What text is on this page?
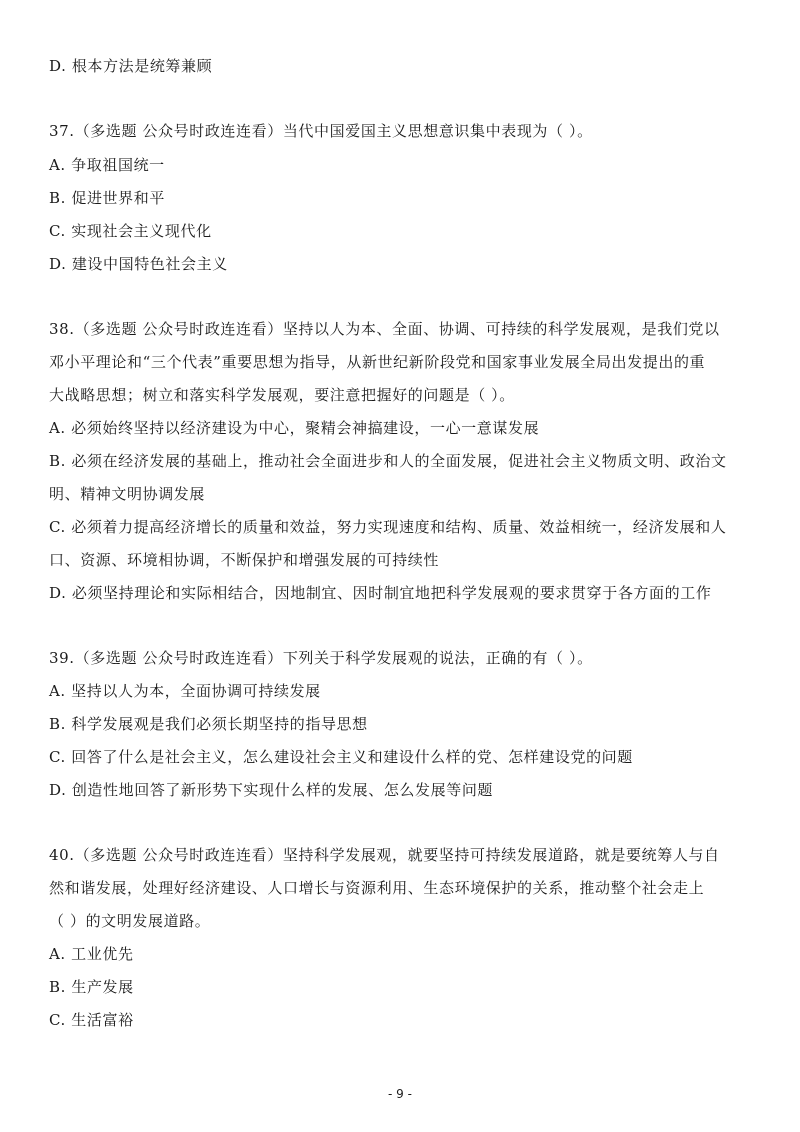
D. 根本方法是统筹兼顾

37.（多选题 公众号时政连连看）当代中国爱国主义思想意识集中表现为（ ）。

A. 争取祖国统一

B. 促进世界和平

C. 实现社会主义现代化

D. 建设中国特色社会主义

38.（多选题 公众号时政连连看）坚持以人为本、全面、协调、可持续的科学发展观，是我们党以

邓小平理论和“三个代表”重要思想为指导，从新世纪新阶段党和国家事业发展全局出发提出的重

大战略思想；树立和落实科学发展观，要注意把握好的问题是（ ）。

A. 必须始终坚持以经济建设为中心，聚精会神搞建设，一心一意谋发展

B. 必须在经济发展的基础上，推动社会全面进步和人的全面发展，促进社会主义物质文明、政治文

明、精神文明协调发展

C. 必须着力提高经济增长的质量和效益，努力实现速度和结构、质量、效益相统一，经济发展和人

口、资源、环境相协调，不断保护和增强发展的可持续性

D. 必须坚持理论和实际相结合，因地制宜、因时制宜地把科学发展观的要求贯穿于各方面的工作

39.（多选题 公众号时政连连看）下列关于科学发展观的说法，正确的有（ ）。

A. 坚持以人为本，全面协调可持续发展

B. 科学发展观是我们必须长期坚持的指导思想

C. 回答了什么是社会主义，怎么建设社会主义和建设什么样的党、怎样建设党的问题

D. 创造性地回答了新形势下实现什么样的发展、怎么发展等问题

40.（多选题 公众号时政连连看）坚持科学发展观，就要坚持可持续发展道路，就是要统筹人与自

然和谐发展，处理好经济建设、人口增长与资源利用、生态环境保护的关系，推动整个社会走上

（ ）的文明发展道路。

A. 工业优先

B. 生产发展

C. 生活富裕

- 9 -
